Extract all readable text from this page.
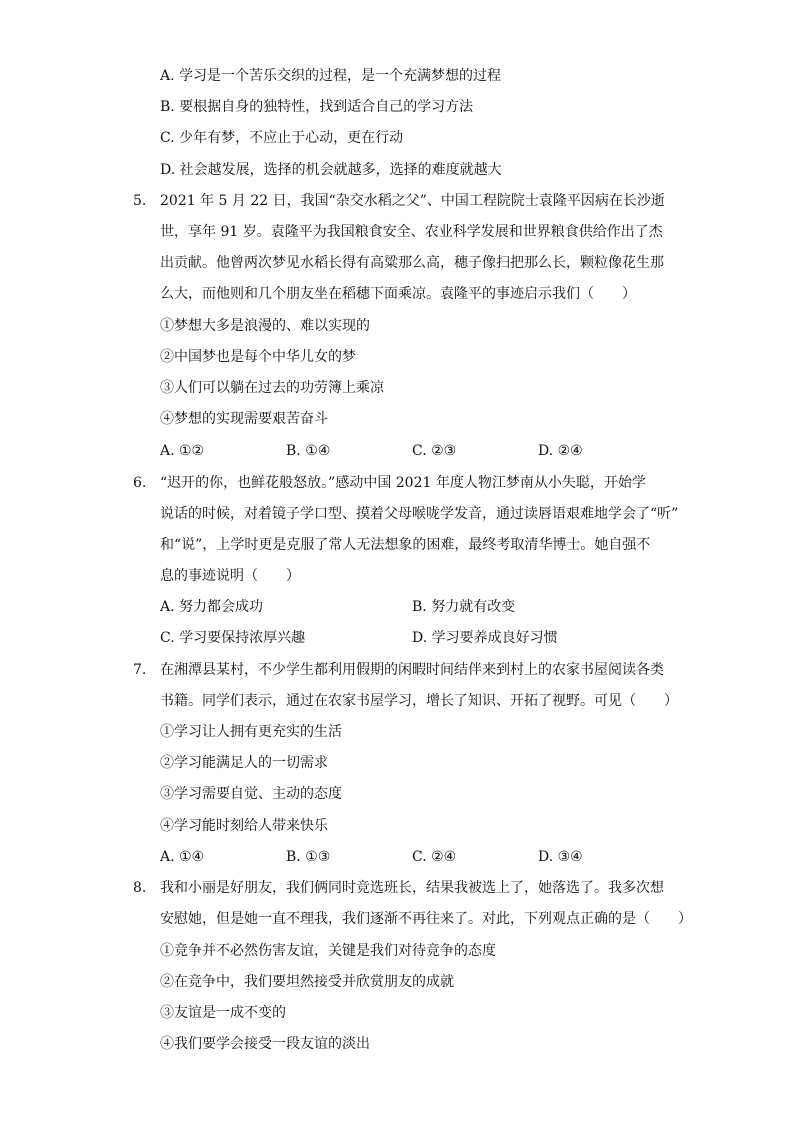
A. 学习是一个苦乐交织的过程，是一个充满梦想的过程
B. 要根据自身的独特性，找到适合自己的学习方法
C. 少年有梦，不应止于心动，更在行动
D. 社会越发展，选择的机会就越多，选择的难度就越大
5. 2021 年 5 月 22 日，我国“杂交水稻之父”、中国工程院院士袁隆平因病在长沙逝
世，享年 91 岁。袁隆平为我国粮食安全、农业科学发展和世界粮食供给作出了杰
出贡献。他曾两次梦见水稻长得有高粱那么高，穗子像扫把那么长，颗粒像花生那
么大，而他则和几个朋友坐在稻穗下面乘凉。袁隆平的事迹启示我们（　　）
①梦想大多是浪漫的、难以实现的
②中国梦也是每个中华儿女的梦
③人们可以躺在过去的功劳簿上乘凉
④梦想的实现需要艰苦奋斗
A. ①②	B. ①④	C. ②③	D. ②④
6. “迟开的你，也鲜花般怒放。”感动中国 2021 年度人物江梦南从小失聪，开始学
说话的时候，对着镜子学口型、摸着父母喉咙学发音，通过读唇语艰难地学会了“听”
和“说”，上学时更是克服了常人无法想象的困难，最终考取清华博士。她自强不
息的事迹说明（　　）
A. 努力都会成功	B. 努力就有改变
C. 学习要保持浓厚兴趣	D. 学习要养成良好习惯
7. 在湘潭县某村，不少学生都利用假期的闲暇时间结伴来到村上的农家书屋阅读各类
书籍。同学们表示，通过在农家书屋学习，增长了知识、开拓了视野。可见（　　）
①学习让人拥有更充实的生活
②学习能满足人的一切需求
③学习需要自觉、主动的态度
④学习能时刻给人带来快乐
A. ①④	B. ①③	C. ②④	D. ③④
8. 我和小丽是好朋友，我们俩同时竞选班长，结果我被选上了，她落选了。我多次想
安慰她，但是她一直不理我，我们逐渐不再往来了。对此，下列观点正确的是（　　）
①竞争并不必然伤害友谊，关键是我们对待竞争的态度
②在竞争中，我们要坦然接受并欣赏朋友的成就
③友谊是一成不变的
④我们要学会接受一段友谊的淡出
